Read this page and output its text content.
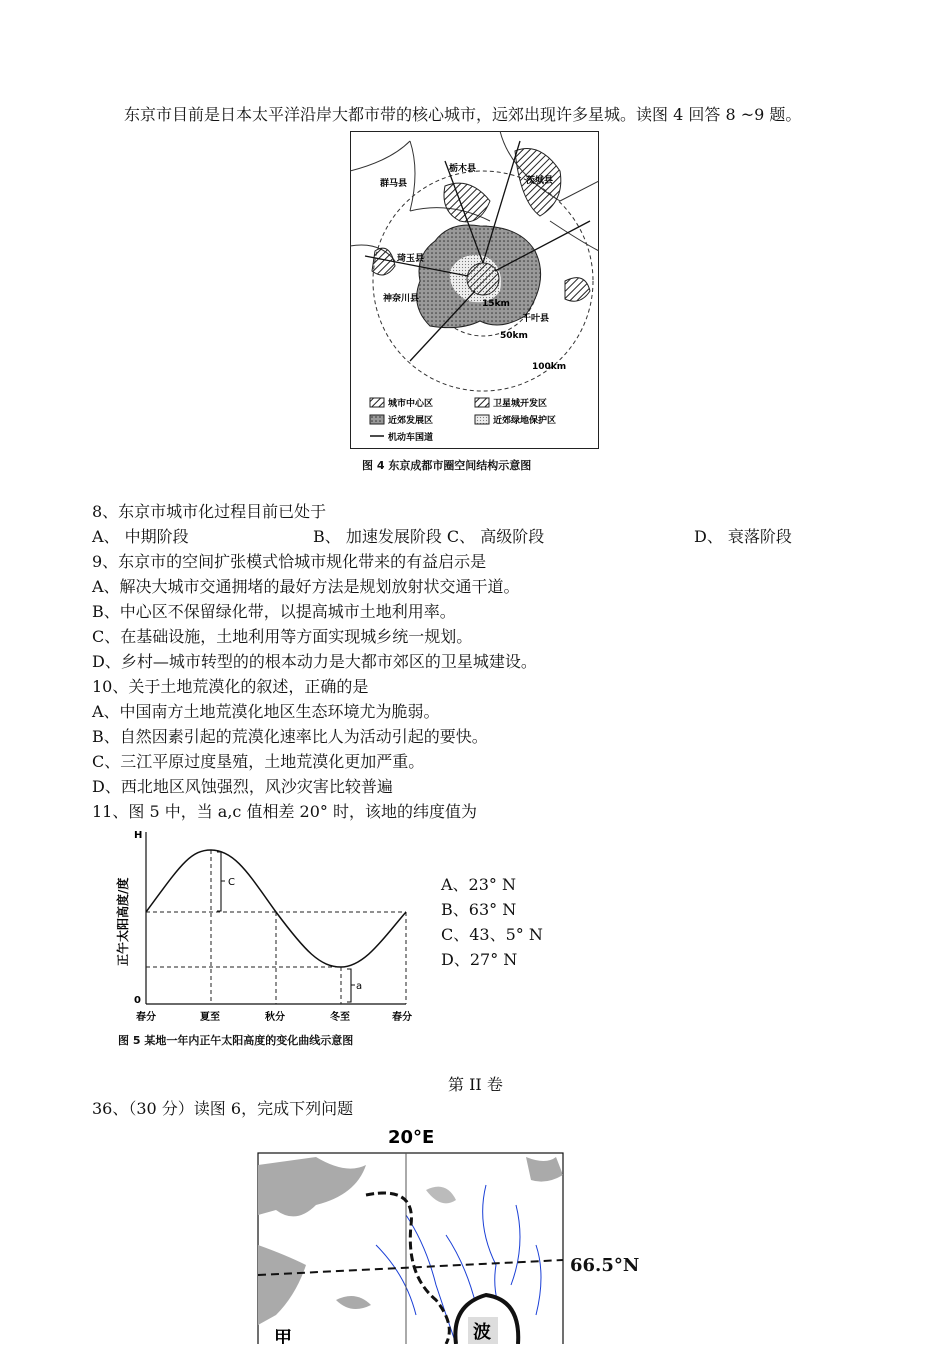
东京市目前是日本太平洋沿岸大都市带的核心城市，远郊出现许多星城。读图 4 回答 8 ~9 题。
群马县
栃木县
茨城县
琦玉县
神奈川县
千叶县
15km
50km
100km
城市中心区	卫星城开发区
近郊发展区	近郊绿地保护区
机动车国道
图 4 东京成都市圈空间结构示意图
8、东京市城市化过程目前已处于
A、 中期阶段	B、 加速发展阶段 C、 高级阶段	D、 衰落阶段
9、东京市的空间扩张模式恰城市规化带来的有益启示是
A、解决大城市交通拥堵的最好方法是规划放射状交通干道。
B、中心区不保留绿化带，以提高城市土地利用率。
C、在基础设施，土地利用等方面实现城乡统一规划。
D、乡村—城市转型的的根本动力是大都市郊区的卫星城建设。
10、关于土地荒漠化的叙述，正确的是
A、中国南方土地荒漠化地区生态环境尤为脆弱。
B、自然因素引起的荒漠化速率比人为活动引起的要快。
C、三江平原过度垦殖，土地荒漠化更加严重。
D、西北地区风蚀强烈，风沙灾害比较普遍
11、图 5 中，当 a,c 值相差 20° 时，该地的纬度值为
H
0
正午太阳高度/度	C
a
春分	夏至	秋分	冬至	春分
图 5 某地一年内正午太阳高度的变化曲线示意图
A、23° N
B、63° N
C、43、5° N
D、27° N
第 II 卷
36、（30 分）读图 6，完成下列问题
20°E
波
甲
66.5°N
